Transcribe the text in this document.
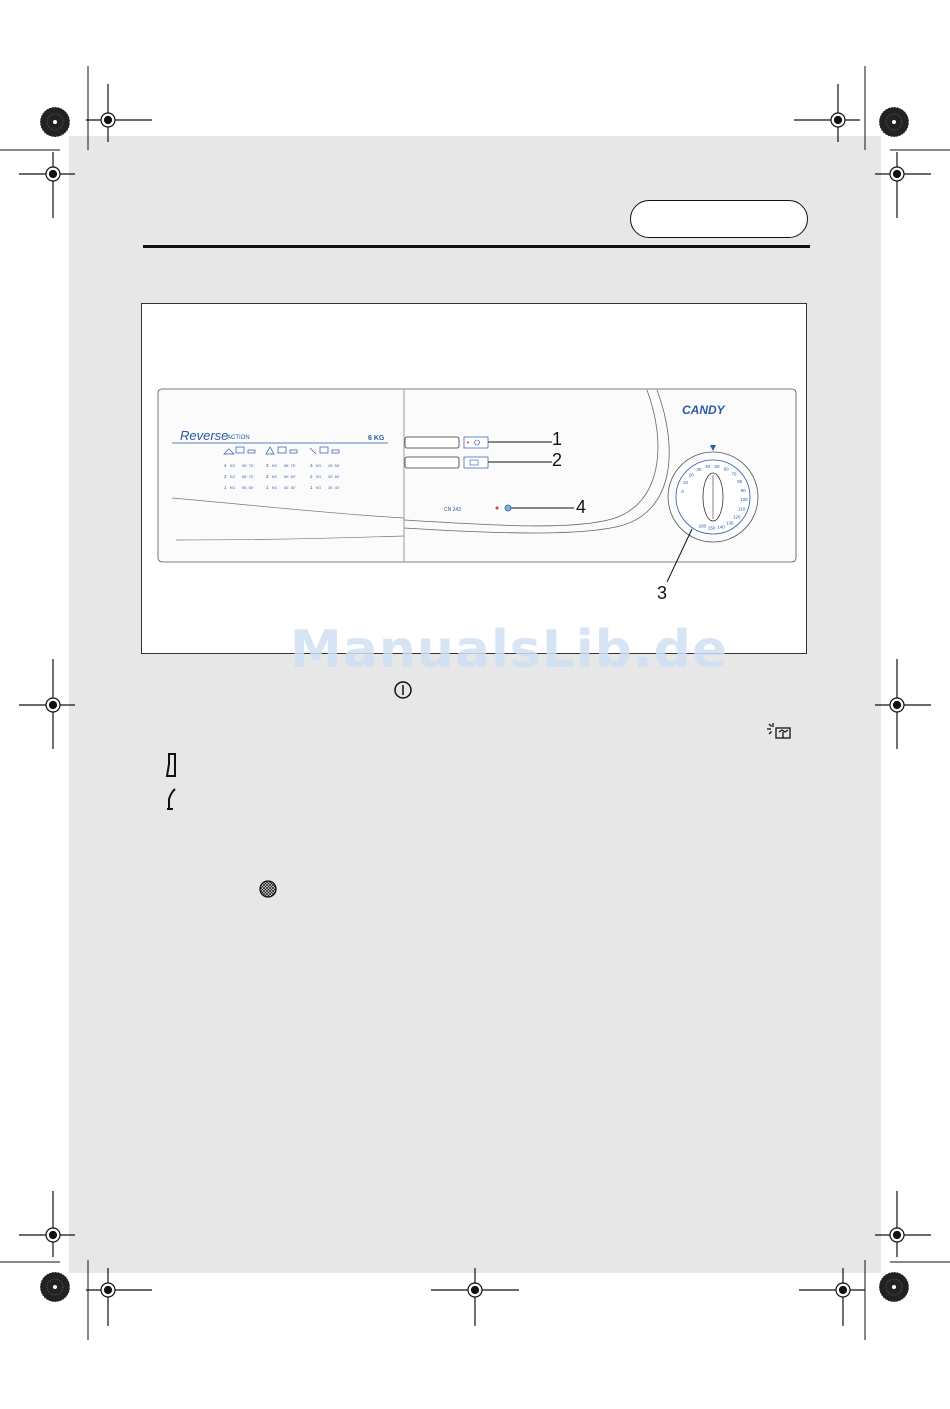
Reverse
ACTION	6 KG
4 KG 90’- 75’	3 KG 65’- 75’	3 KG 45’- 55’
3 KG 65’- 75’	2 KG 50’- 60’	2 KG 40’- 50’
1 KG 50’- 60’	1 KG 40’- 50’	1 KG 30’- 40’
CN 243
CANDY
0
10
20
30
40 50
60
70
80
90
100
110
120
130
140
150
160
1
2
3
4
ManualsLib.de
